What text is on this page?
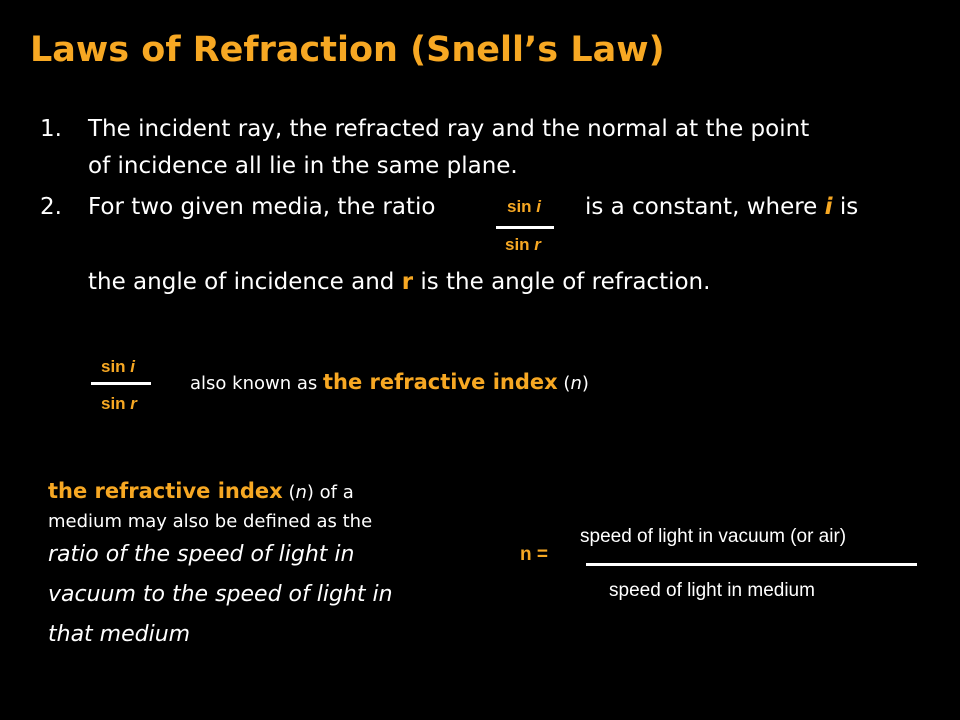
Laws of Refraction (Snell’s Law)
1. The incident ray, the refracted ray and the normal at the point
of incidence all lie in the same plane.
2. For two given media, the ratio	sin i
sin r
is a constant, where i is
the angle of incidence and r is the angle of refraction.
sin i
sin r
also known as the refractive index (n)
the refractive index (n) of a
medium may also be defined as the
ratio of the speed of light in
vacuum to the speed of light in
that medium
n =
speed of light in vacuum (or air)
speed of light in medium
